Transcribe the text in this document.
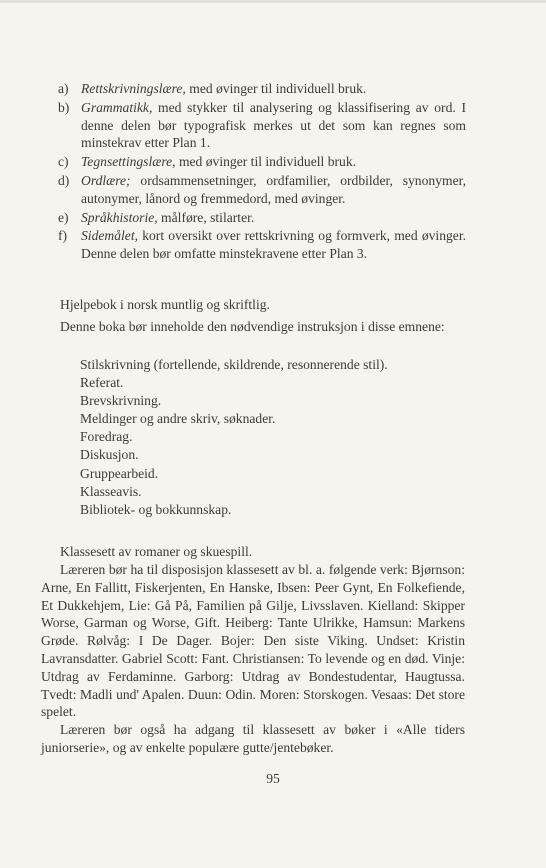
a) Rettskrivningslære, med øvinger til individuell bruk.
b) Grammatikk, med stykker til analysering og klassifisering av ord. I denne delen bør typografisk merkes ut det som kan regnes som minstekrav etter Plan 1.
c) Tegnsettingslære, med øvinger til individuell bruk.
d) Ordlære; ordsammensetninger, ordfamilier, ordbilder, synonymer, autonymer, lånord og fremmedord, med øvinger.
e) Språkhistorie, målføre, stilarter.
f)	Sidemålet, kort oversikt over rettskrivning og formverk, med øvinger. Denne delen bør omfatte minstekravene etter Plan 3.
Hjelpebok i norsk muntlig og skriftlig.
Denne boka bør inneholde den nødvendige instruksjon i disse emnene:
Stilskrivning (fortellende, skildrende, resonnerende stil).
Referat.
Brevskrivning.
Meldinger og andre skriv, søknader.
Foredrag.
Diskusjon.
Gruppearbeid.
Klasseavis.
Bibliotek- og bokkunnskap.
Klassesett av romaner og skuespill.
Læreren bør ha til disposisjon klassesett av bl. a. følgende verk: Bjørnson: Arne, En Fallitt, Fiskerjenten, En Hanske, Ibsen: Peer Gynt, En Folkefiende, Et Dukkehjem, Lie: Gå På, Familien på Gilje, Livsslaven. Kielland: Skipper Worse, Garman og Worse, Gift. Heiberg: Tante Ulrikke, Hamsun: Markens Grøde. Rølvåg: I De Dager. Bojer: Den siste Viking. Undset: Kristin Lavransdatter. Gabriel Scott: Fant. Christiansen: To levende og en død. Vinje: Utdrag av Ferdaminne. Garborg: Utdrag av Bondestudentar, Haugtussa. Tvedt: Madli und' Apalen. Duun: Odin. Moren: Storskogen. Vesaas: Det store spelet.
Læreren bør også ha adgang til klassesett av bøker i «Alle tiders juniorserie», og av enkelte populære gutte/jentebøker.
95
